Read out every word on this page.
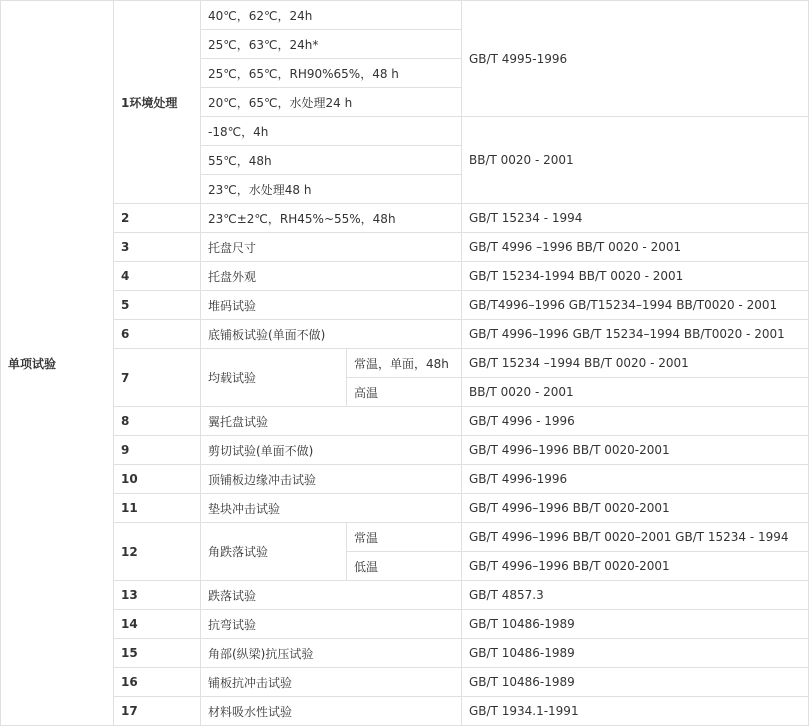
单项试验	1环境处理	40℃，62℃，24h		GB/T 4995-1996
		25℃，63℃，24h*		
		25℃，65℃，RH90%65%，48 h		
		20℃，65℃，水处理24 h		
		-18℃，4h		BB/T 0020 - 2001
		55℃，48h		
		23℃，水处理48 h		
	2	23℃±2℃，RH45%~55%，48h		GB/T 15234 - 1994
	3	托盘尺寸		GB/T 4996 –1996 BB/T 0020 - 2001
	4	托盘外观		GB/T 15234-1994 BB/T 0020 - 2001
	5	堆码试验		GB/T4996–1996 GB/T15234–1994 BB/T0020 - 2001
	6	底铺板试验(单面不做)		GB/T 4996–1996 GB/T 15234–1994 BB/T0020 - 2001
	7	均载试验	常温，单面，48h	GB/T 15234 –1994 BB/T 0020 - 2001
			高温	BB/T 0020 - 2001
	8	翼托盘试验		GB/T 4996 - 1996
	9	剪切试验(单面不做)		GB/T 4996–1996 BB/T 0020-2001
	10	顶铺板边缘冲击试验		GB/T 4996-1996
	11	垫块冲击试验		GB/T 4996–1996 BB/T 0020-2001
	12	角跌落试验	常温	GB/T 4996–1996 BB/T 0020–2001 GB/T 15234 - 1994
			低温	GB/T 4996–1996 BB/T 0020-2001
	13	跌落试验		GB/T 4857.3
	14	抗弯试验		GB/T 10486-1989
	15	角部(纵梁)抗压试验		GB/T 10486-1989
	16	铺板抗冲击试验		GB/T 10486-1989
	17	材料吸水性试验		GB/T 1934.1-1991
